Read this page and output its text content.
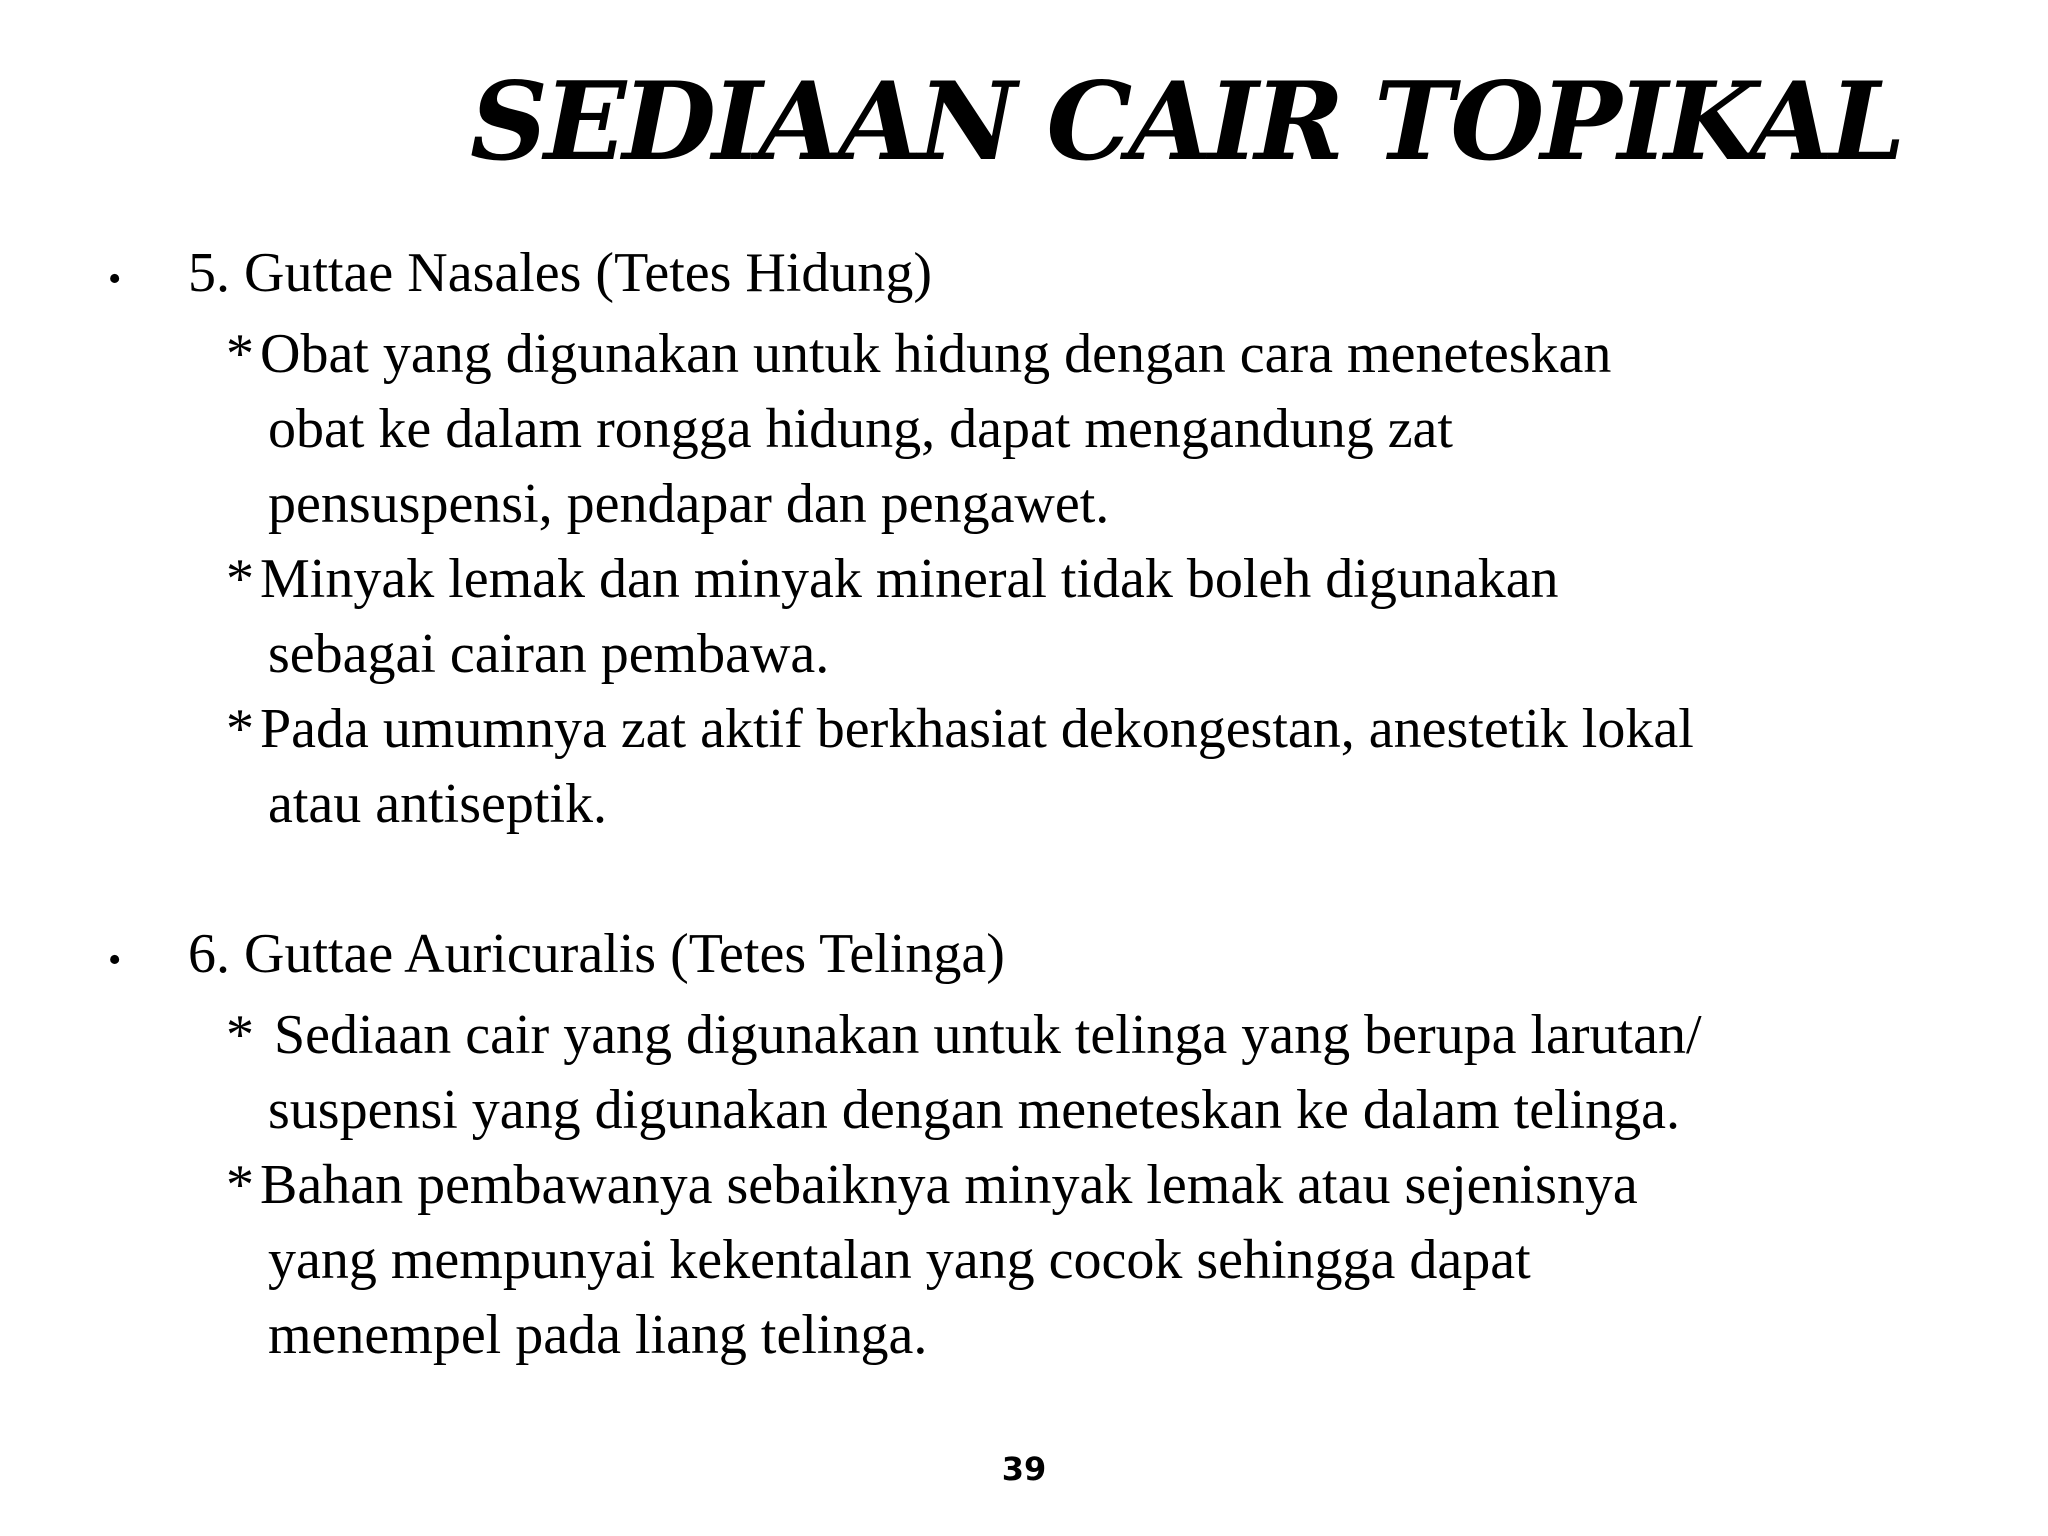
SEDIAAN CAIR TOPIKAL
•	5. Guttae Nasales (Tetes Hidung)
* Obat yang digunakan untuk hidung dengan cara meneteskan
obat ke dalam rongga hidung, dapat mengandung zat
pensuspensi, pendapar dan pengawet.
* Minyak lemak dan minyak mineral tidak boleh digunakan
sebagai cairan pembawa.
* Pada umumnya zat aktif berkhasiat dekongestan, anestetik lokal
atau antiseptik.
•	6. Guttae Auricuralis (Tetes Telinga)
* Sediaan cair yang digunakan untuk telinga yang berupa larutan/
suspensi yang digunakan dengan meneteskan ke dalam telinga.
* Bahan pembawanya sebaiknya minyak lemak atau sejenisnya
yang mempunyai kekentalan yang cocok sehingga dapat
menempel pada liang telinga.
39
